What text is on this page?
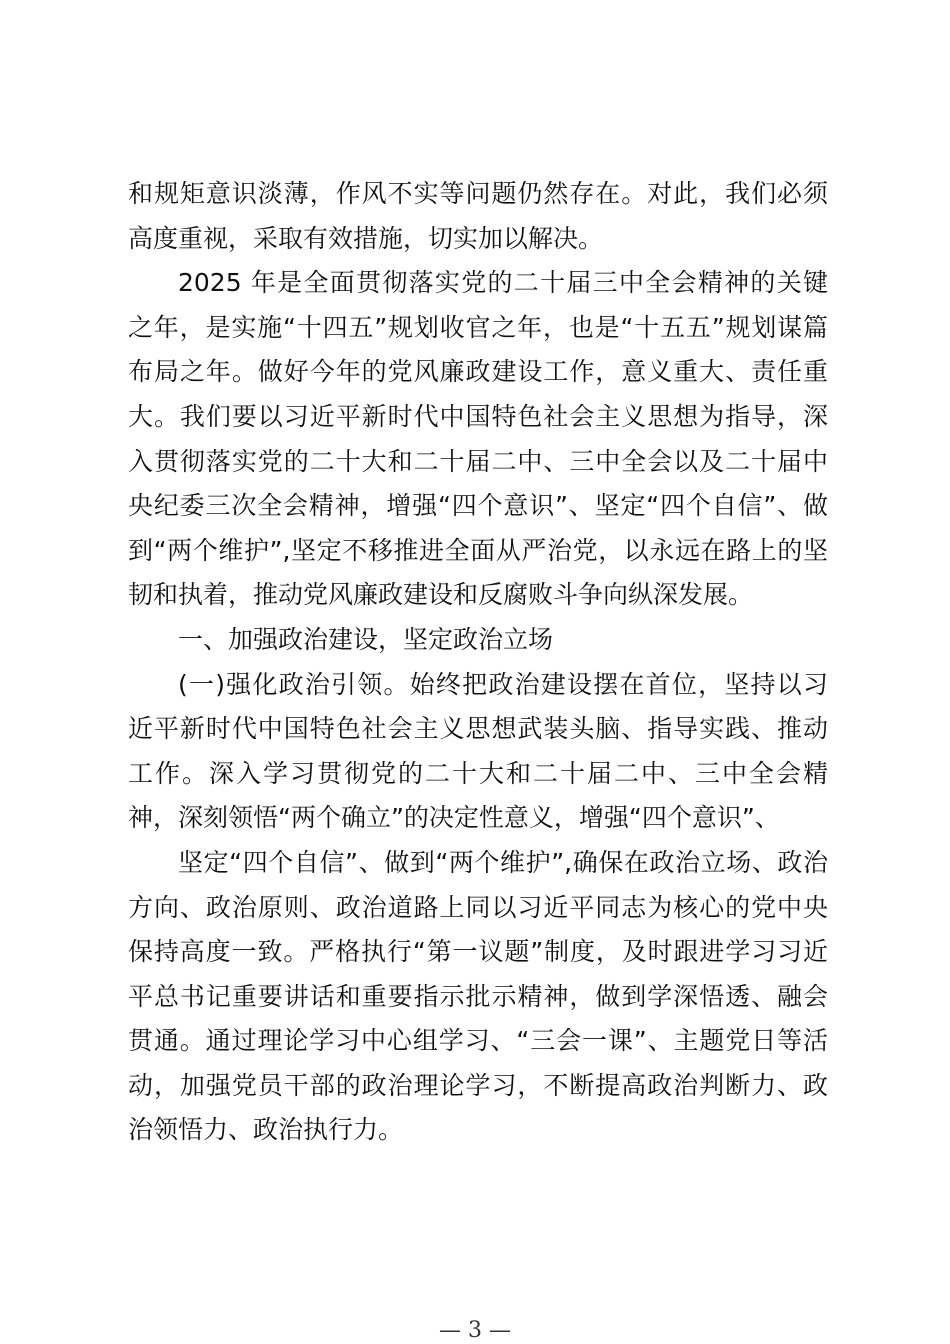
和规矩意识淡薄，作风不实等问题仍然存在。对此，我们必须
高度重视，采取有效措施，切实加以解决。
2025 年是全面贯彻落实党的二十届三中全会精神的关键
之年，是实施“十四五”规划收官之年，也是“十五五”规划谋篇
布局之年。做好今年的党风廉政建设工作，意义重大、责任重
大。我们要以习近平新时代中国特色社会主义思想为指导，深
入贯彻落实党的二十大和二十届二中、三中全会以及二十届中
央纪委三次全会精神，增强“四个意识”、坚定“四个自信”、做
到“两个维护”,坚定不移推进全面从严治党，以永远在路上的坚
韧和执着，推动党风廉政建设和反腐败斗争向纵深发展。
一、加强政治建设，坚定政治立场
(一)强化政治引领。始终把政治建设摆在首位，坚持以习
近平新时代中国特色社会主义思想武装头脑、指导实践、推动
工作。深入学习贯彻党的二十大和二十届二中、三中全会精
神，深刻领悟“两个确立”的决定性意义，增强“四个意识”、
坚定“四个自信”、做到“两个维护”,确保在政治立场、政治
方向、政治原则、政治道路上同以习近平同志为核心的党中央
保持高度一致。严格执行“第一议题”制度，及时跟进学习习近
平总书记重要讲话和重要指示批示精神，做到学深悟透、融会
贯通。通过理论学习中心组学习、“三会一课”、主题党日等活
动，加强党员干部的政治理论学习，不断提高政治判断力、政
治领悟力、政治执行力。
— 3 —
